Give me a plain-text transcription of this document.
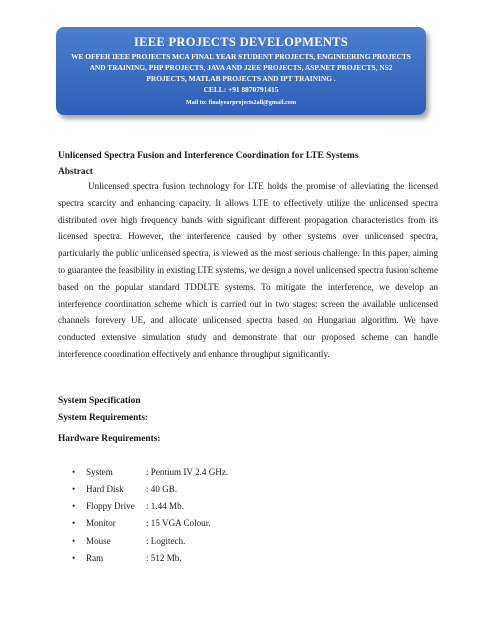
IEEE PROJECTS DEVELOPMENTS
WE OFFER IEEE PROJECTS MCA FINAL YEAR STUDENT PROJECTS, ENGINEERING PROJECTS AND TRAINING, PHP PROJECTS, JAVA AND J2EE PROJECTS, ASP.NET PROJECTS, NS2 PROJECTS, MATLAB PROJECTS AND IPT TRAINING .
CELL: +91 8870791415
Mail to: finalyearprojects2all@gmail.com
Unlicensed Spectra Fusion and Interference Coordination for LTE Systems
Abstract
Unlicensed spectra fusion technology for LTE holds the promise of alleviating the licensed spectra scarcity and enhancing capacity. It allows LTE to effectively utilize the unlicensed spectra distributed over high frequency bands with significant different propagation characteristics from its licensed spectra. However, the interference caused by other systems over unlicensed spectra, particularly the public unlicensed spectra, is viewed as the most serious challenge. In this paper, aiming to guarantee the feasibility in existing LTE systems, we design a novel unlicensed spectra fusion scheme based on the popular standard TDDLTE systems. To mitigate the interference, we develop an interference coordination scheme which is carried out in two stages: screen the available unlicensed channels forevery UE, and allocate unlicensed spectra based on Hungarian algorithm. We have conducted extensive simulation study and demonstrate that our proposed scheme can handle interference coordination effectively and enhance throughput significantly.
System Specification
System Requirements:
Hardware Requirements:
•	System	: Pentium IV 2.4 GHz.
•	Hard Disk	: 40 GB.
•	Floppy Drive	: 1.44 Mb.
•	Monitor	: 15 VGA Colour.
•	Mouse	: Logitech.
•	Ram	: 512 Mb.
